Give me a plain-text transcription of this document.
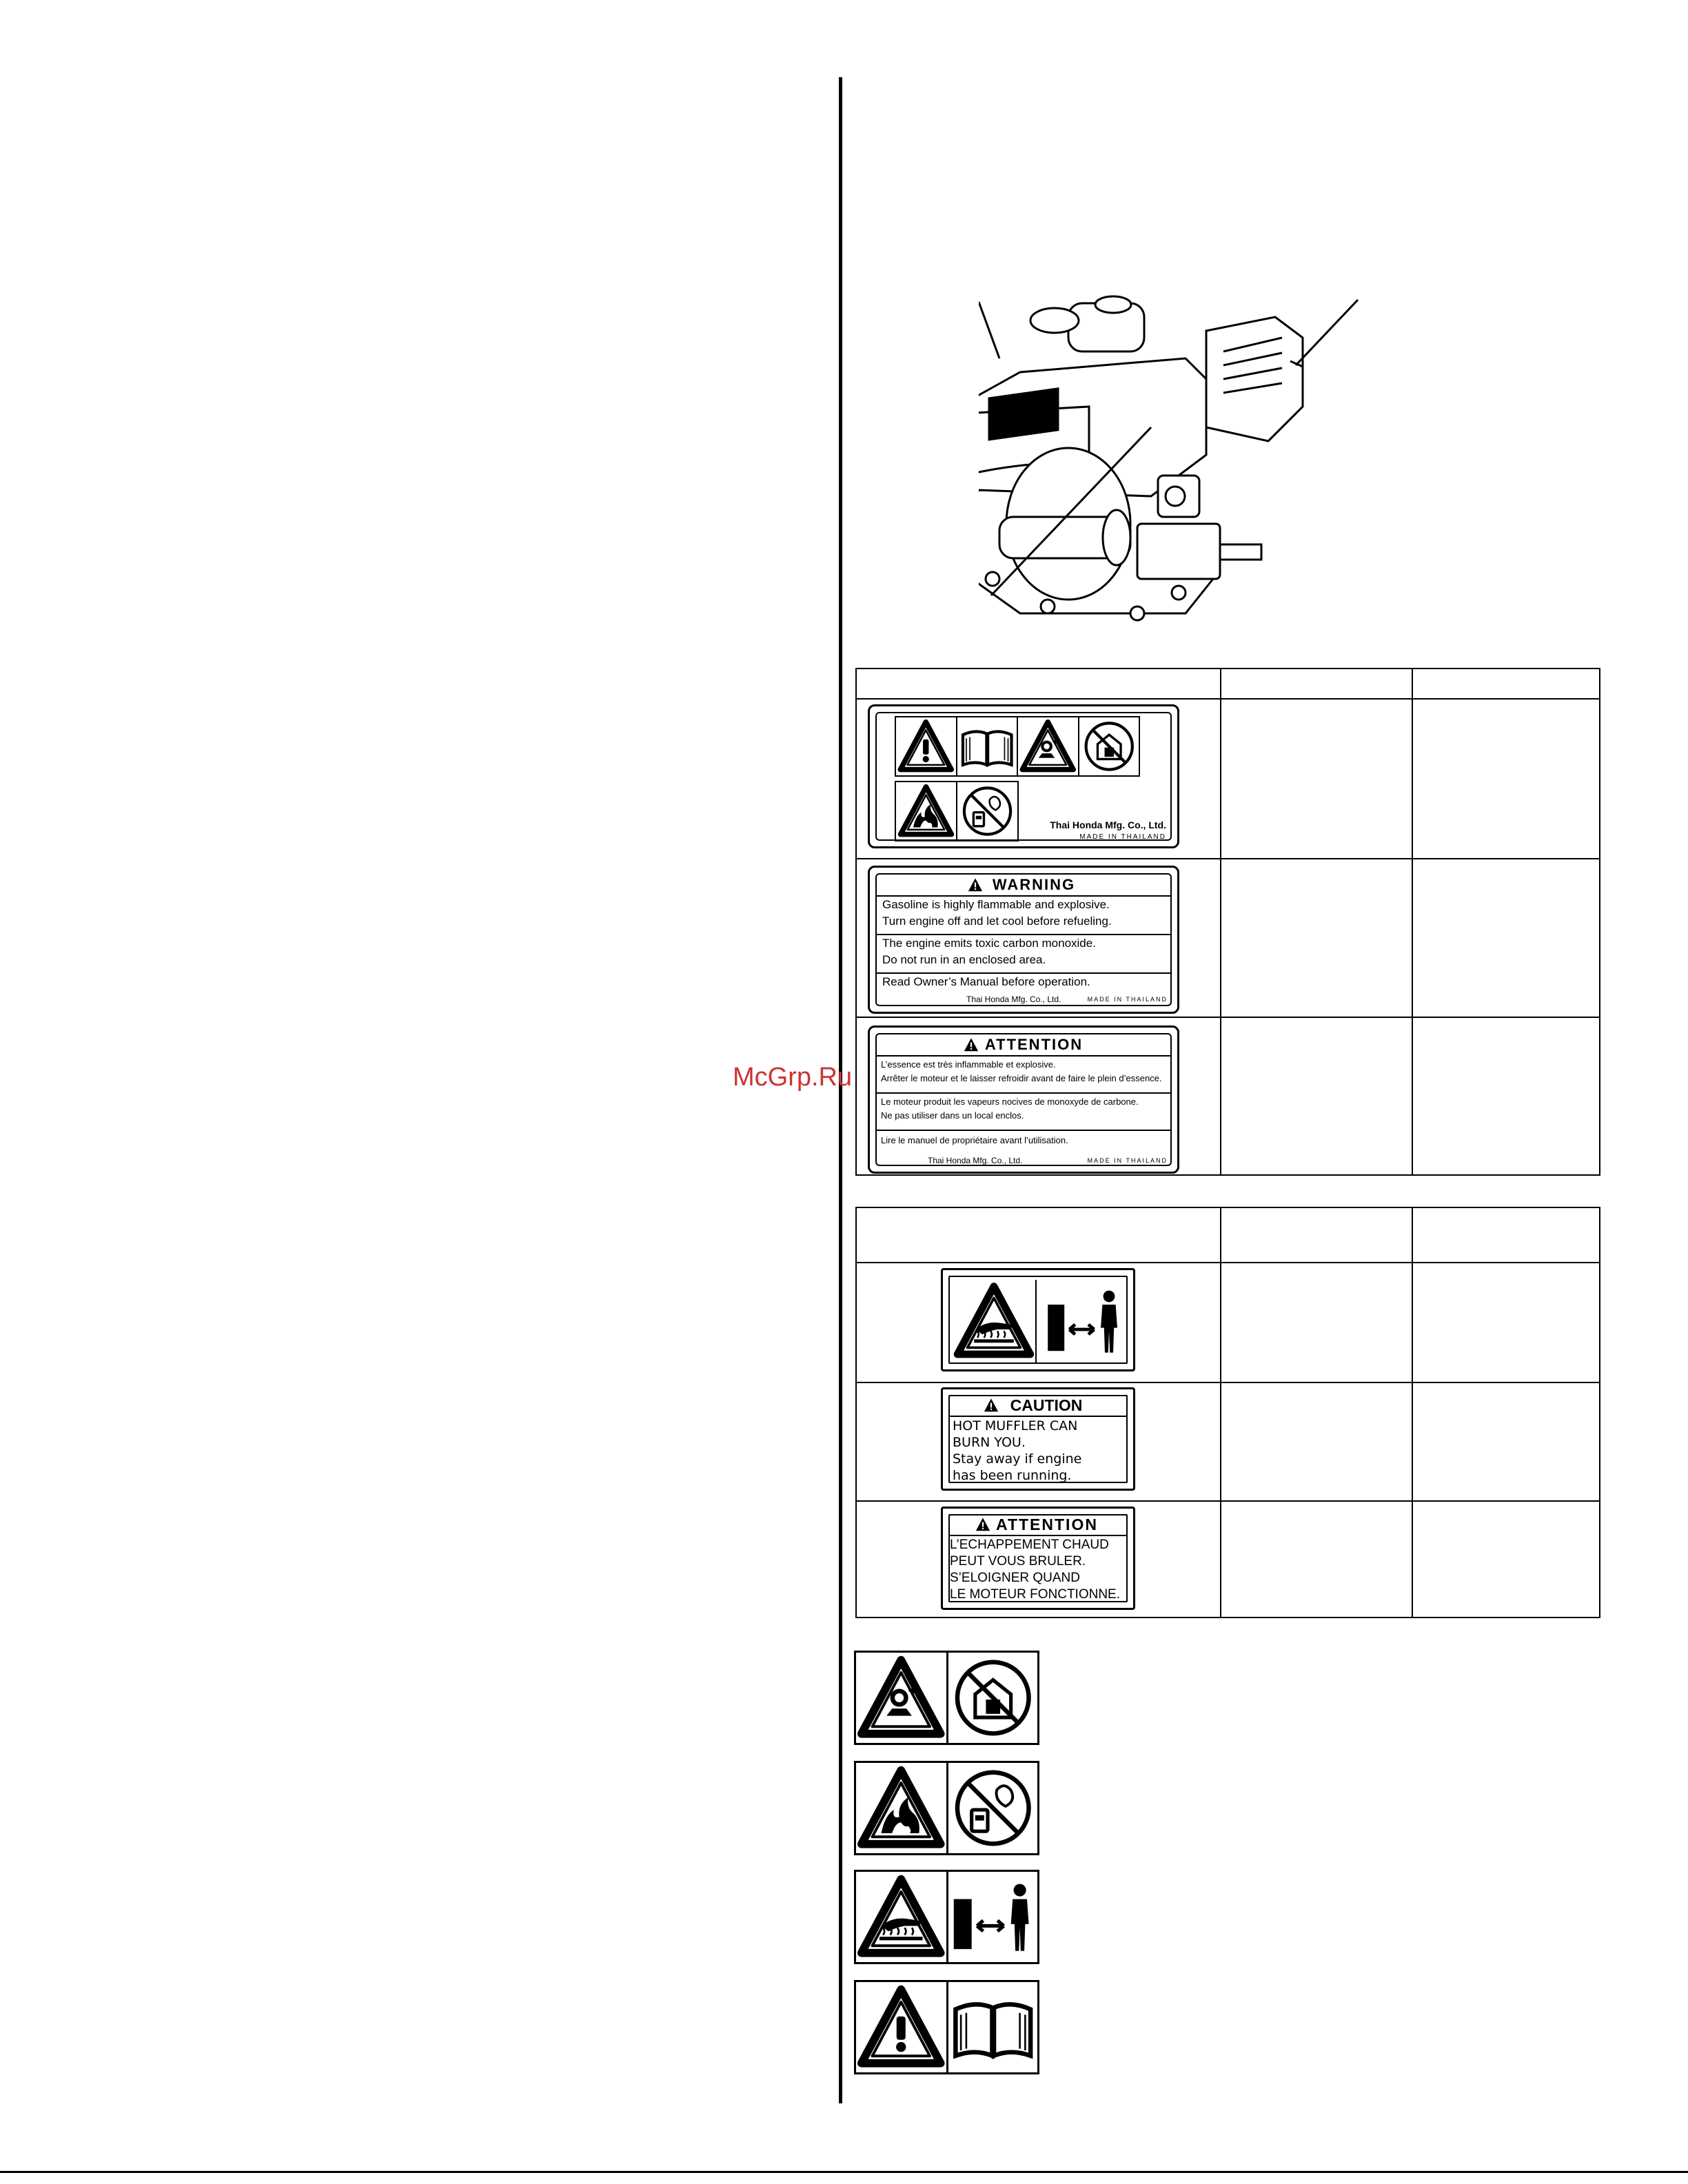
Thai Honda Mfg. Co., Ltd.
MADE IN THAILAND
WARNING
Gasoline is highly flammable and explosive.
Turn engine off and let cool before refueling.
The engine emits toxic carbon monoxide.
Do not run in an enclosed area.
Read Owner’s Manual before operation.
Thai Honda Mfg. Co., Ltd.	MADE IN THAILAND
ATTENTION
L’essence est très inflammable et explosive.
Arrêter le moteur et le laisser refroidir avant de faire le plein d’essence.
Le moteur produit les vapeurs nocives de monoxyde de carbone.
Ne pas utiliser dans un local enclos.
Lire le manuel de propriétaire avant l’utilisation.
Thai Honda Mfg. Co., Ltd.	MADE IN THAILAND
CAUTION
HOT MUFFLER CAN
BURN YOU.
Stay away if engine
has been running.
ATTENTION
L’ECHAPPEMENT CHAUD
PEUT VOUS BRULER.
S’ELOIGNER QUAND
LE MOTEUR FONCTIONNE.
McGrp.Ru
